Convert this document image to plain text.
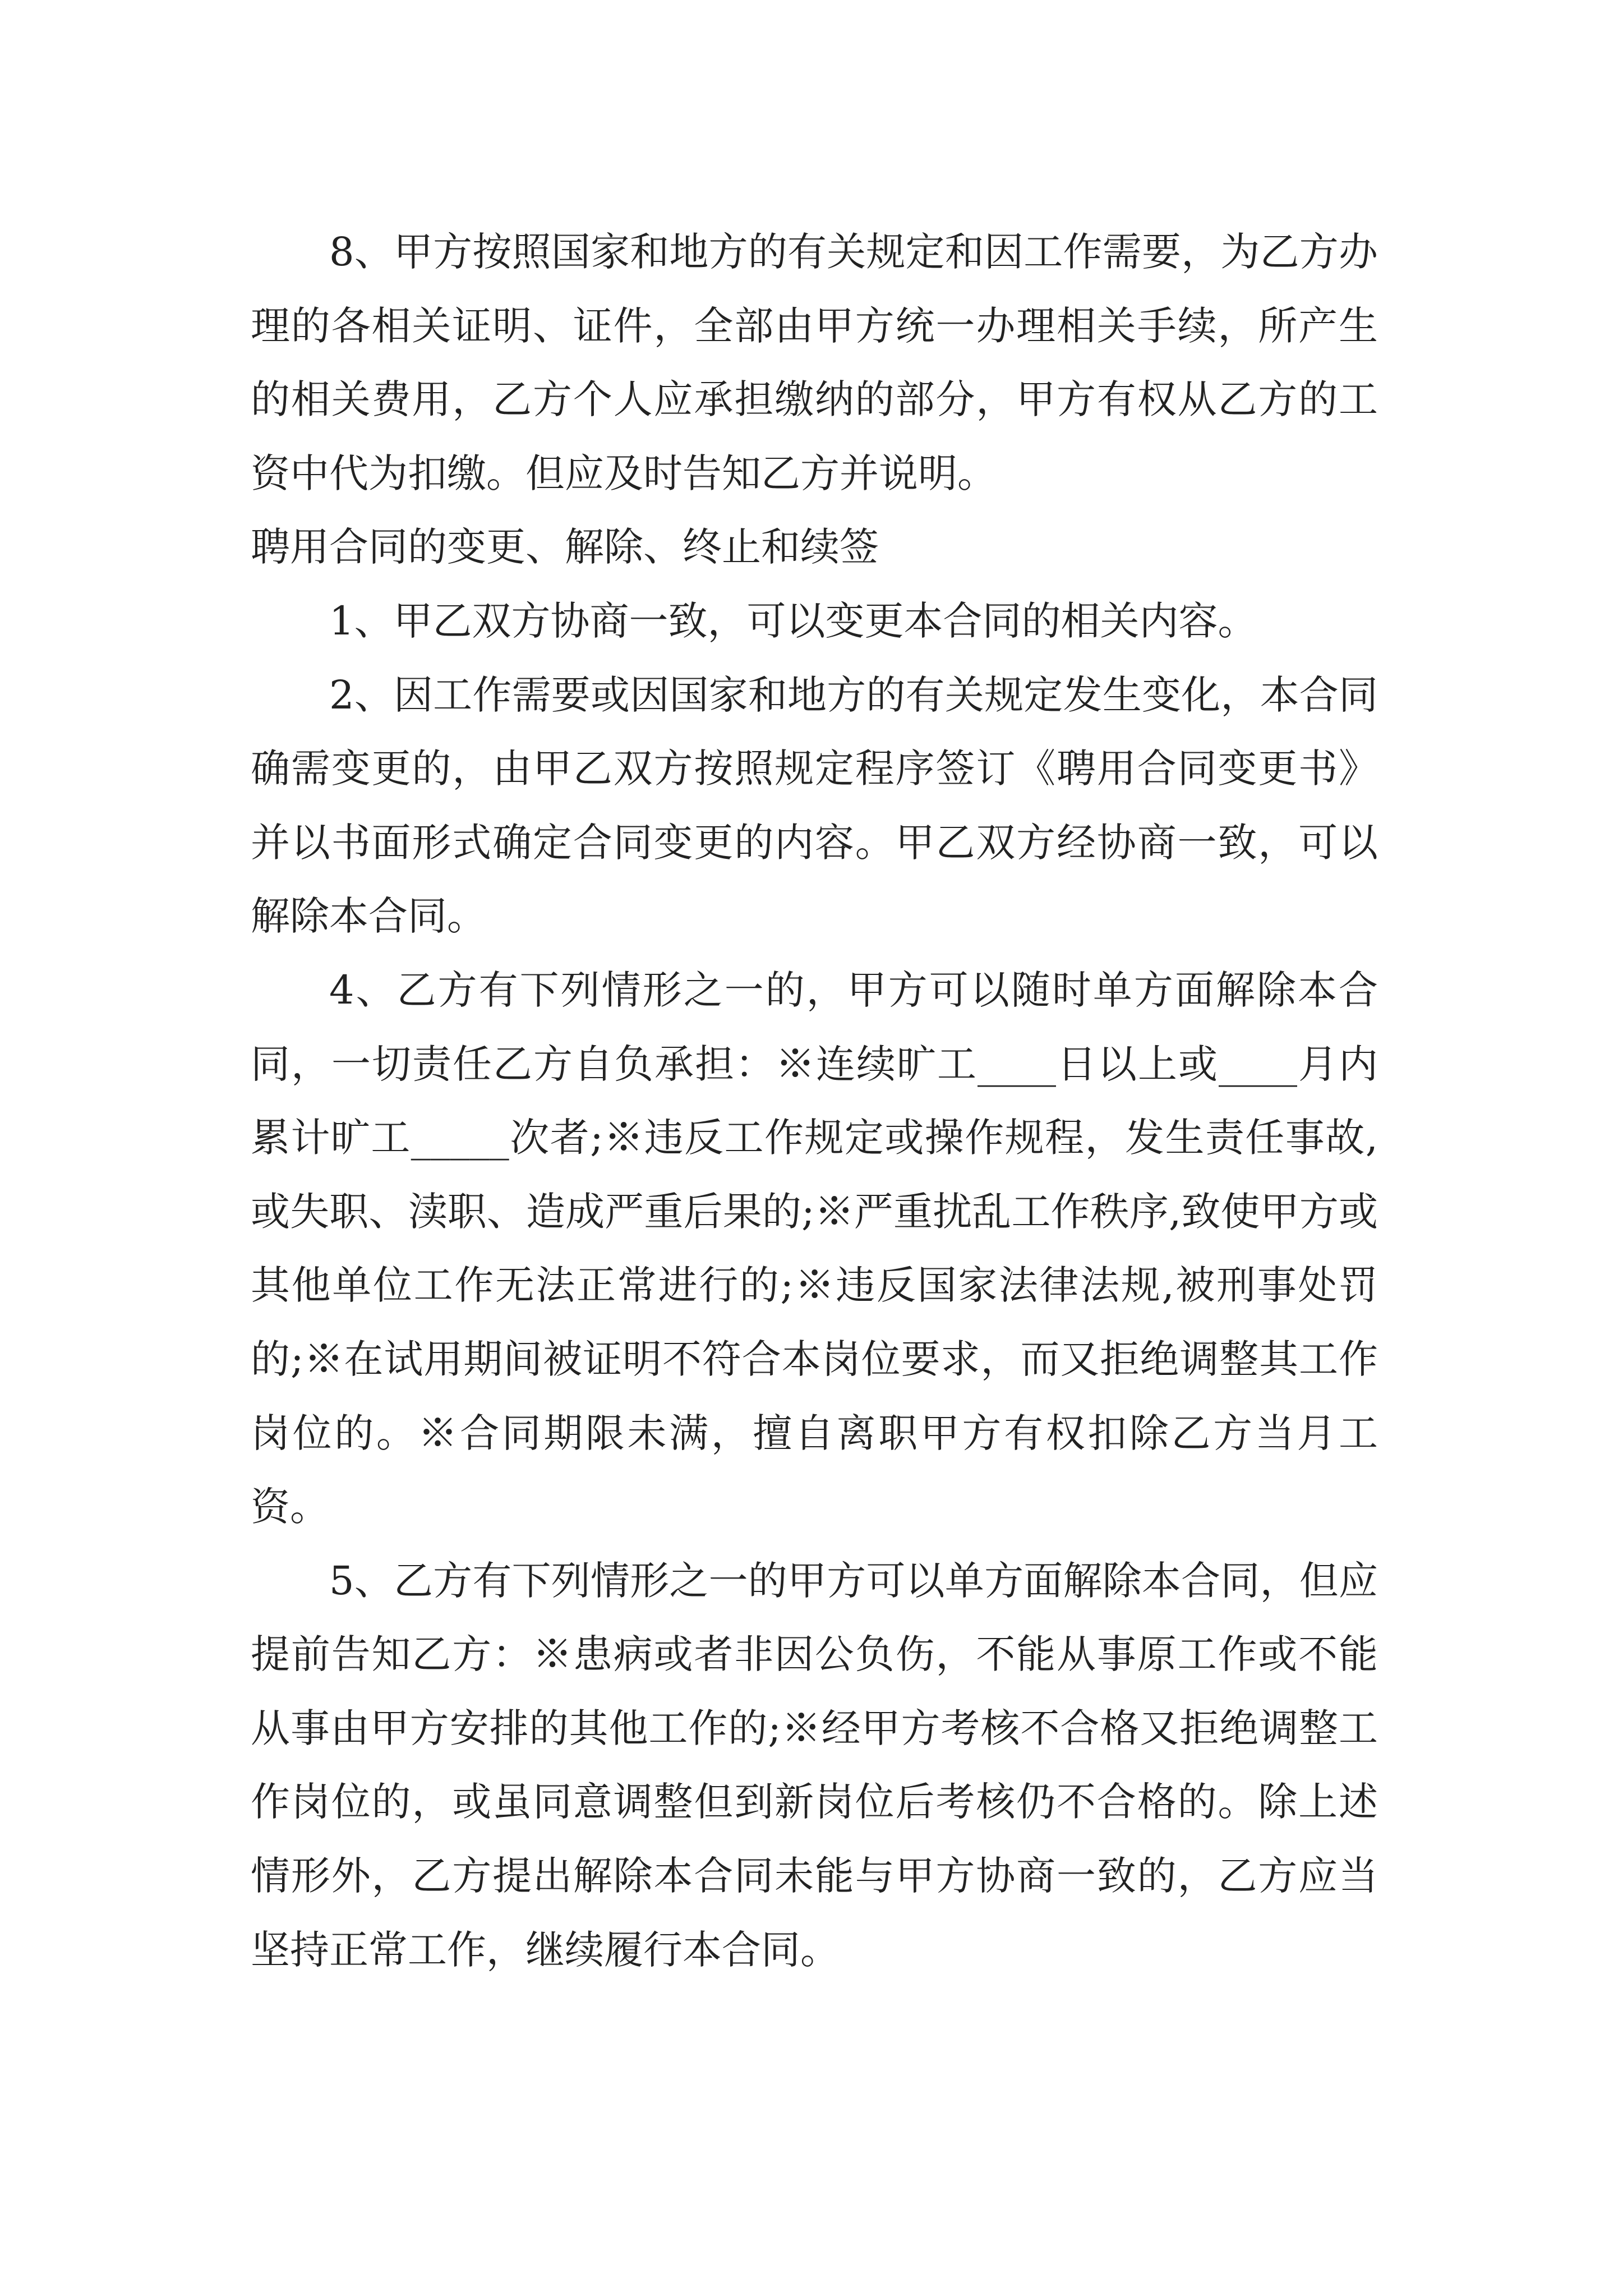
8、甲方按照国家和地方的有关规定和因工作需要，为乙方办理的各相关证明、证件，全部由甲方统一办理相关手续，所产生的相关费用，乙方个人应承担缴纳的部分，甲方有权从乙方的工资中代为扣缴。但应及时告知乙方并说明。

聘用合同的变更、解除、终止和续签

1、甲乙双方协商一致，可以变更本合同的相关内容。

2、因工作需要或因国家和地方的有关规定发生变化，本合同确需变更的，由甲乙双方按照规定程序签订《聘用合同变更书》并以书面形式确定合同变更的内容。甲乙双方经协商一致，可以解除本合同。

4、乙方有下列情形之一的，甲方可以随时单方面解除本合同，一切责任乙方自负承担：※连续旷工____日以上或____月内累计旷工_____次者;※违反工作规定或操作规程，发生责任事故,或失职、渎职、造成严重后果的;※严重扰乱工作秩序,致使甲方或其他单位工作无法正常进行的;※违反国家法律法规,被刑事处罚的;※在试用期间被证明不符合本岗位要求，而又拒绝调整其工作岗位的。※合同期限未满，擅自离职甲方有权扣除乙方当月工资。

5、乙方有下列情形之一的甲方可以单方面解除本合同，但应提前告知乙方：※患病或者非因公负伤，不能从事原工作或不能从事由甲方安排的其他工作的;※经甲方考核不合格又拒绝调整工作岗位的，或虽同意调整但到新岗位后考核仍不合格的。除上述情形外，乙方提出解除本合同未能与甲方协商一致的，乙方应当坚持正常工作，继续履行本合同。
